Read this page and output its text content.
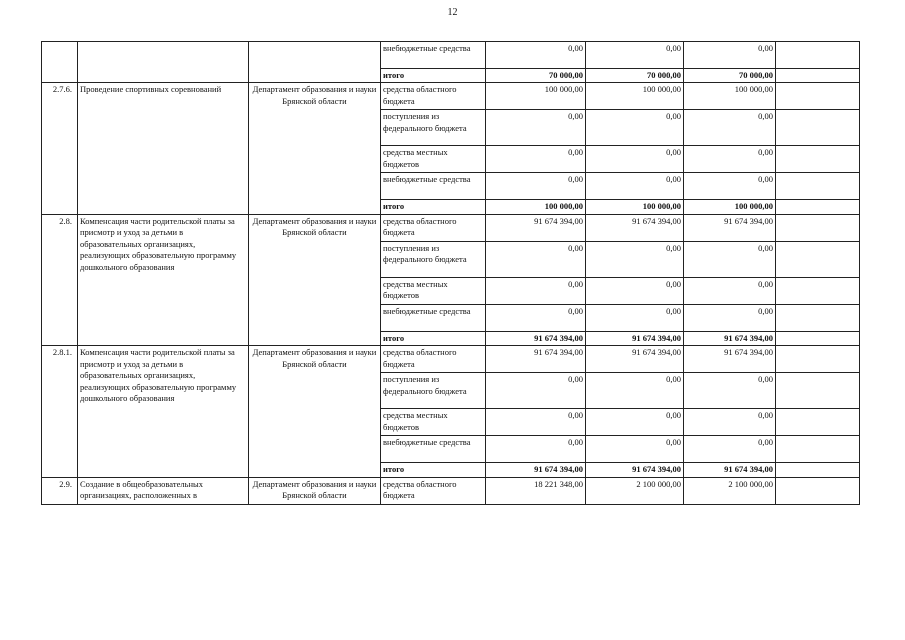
12
			внебюджетные средства	0,00	0,00	0,00	
			итого	70 000,00	70 000,00	70 000,00	
2.7.6.	Проведение спортивных соревнований	Департамент образования и науки Брянской области	средства областного бюджета	100 000,00	100 000,00	100 000,00	
			поступления из федерального бюджета	0,00	0,00	0,00	
			средства местных бюджетов	0,00	0,00	0,00	
			внебюджетные средства	0,00	0,00	0,00	
			итого	100 000,00	100 000,00	100 000,00	
2.8.	Компенсация части родительской платы за присмотр и уход за детьми в образовательных организациях, реализующих образовательную программу дошкольного образования	Департамент образования и науки Брянской области	средства областного бюджета	91 674 394,00	91 674 394,00	91 674 394,00	
			поступления из федерального бюджета	0,00	0,00	0,00	
			средства местных бюджетов	0,00	0,00	0,00	
			внебюджетные средства	0,00	0,00	0,00	
			итого	91 674 394,00	91 674 394,00	91 674 394,00	
2.8.1.	Компенсация части родительской платы за присмотр и уход за детьми в образовательных организациях, реализующих образовательную программу дошкольного образования	Департамент образования и науки Брянской области	средства областного бюджета	91 674 394,00	91 674 394,00	91 674 394,00	
			поступления из федерального бюджета	0,00	0,00	0,00	
			средства местных бюджетов	0,00	0,00	0,00	
			внебюджетные средства	0,00	0,00	0,00	
			итого	91 674 394,00	91 674 394,00	91 674 394,00	
2.9.	Создание в общеобразовательных организациях, расположенных в	Департамент образования и науки Брянской области	средства областного бюджета	18 221 348,00	2 100 000,00	2 100 000,00	
